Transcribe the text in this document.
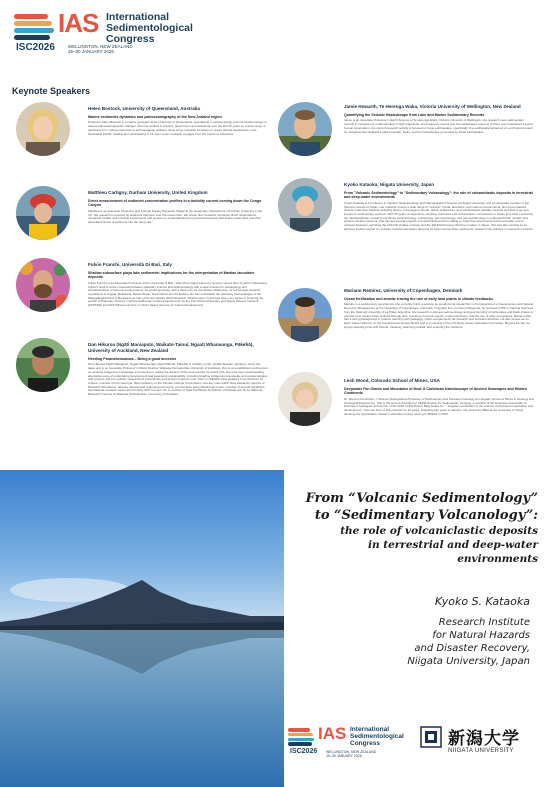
IAS International Sedimentological Congress
ISC2026	WELLINGTON, NEW ZEALAND
25–30 JANUARY 2026
Keynote Speakers
Helen Bostock, University of Queensland, Australia
Marine sediments dynamics and paleoceanography of the New Zealand region
Professor Helen Bostock is a marine geologist at the University of Queensland, specialising in sedimentology and micropaleontology to assess paleoceanographic changes. She has worked in industry, government and academia over the last 25 years on a wide range of questions from marine resources to anthropogenic pollution. Most of her research focusses on ocean climate interactions in the Southwest Pacific, leading and participating in 14 open ocean research voyages from the tropics to Antarctica.
Matthieu Cartigny, Durham University, United Kingdom
Direct measurement of sediment concentration profiles in a turbidity current coming down the Congo Canyon
Matthieu is an Associate Professor and a Royal Society Research Fellow at the Geography Department of Durham University in the UK. His research is focused on sediment transport over the ocean floor. His ocean floor research combines direct observations, numerical models and physical experiments and centres on understanding the physical processes that shape ocean floor and their associated fluxes of sediment into the deep sea.
Fulvio Franchi, Università Di Bari, Italy
Shallow subsurface playa lake sediments: implications for the interpretation of Martian lacustrine deposits.
Fulvio Franchi is an Associate Professor at the Università di Bari - Aldo Moro (Italy) where he recently moved after 9 years in Botswana. Fulvio's work is at the crossroad between planetary science and sedimentology with a clear interest for astrobiology and characterization of extreme environments. As a field geologist, with a deep love for the African wilderness, he led several research expeditions in Angola, Botswana, Mozambique, South Africa and Zimbabwe. He has overlooked the planetary field analogue of the Makgadikgadi Pans in Botswana as part of the Europlanet 2024 Research Infrastructure. Fulvio has been very active in fostering the growth of Planetary Science in Africa leading EU funded projects such as the Pan-African Planetary and Space Science Network (PAPSSN) and FAST4Future (Focus on Africa Space Science for Future Development).
Dan Hikuroa (Ngāti Maniapoto, Waikato-Tainui, Ngaati Whanaunga, Pākehā), University of Auckland, New Zealand
Heeding Paraewhenuamea – Being a good ancestor
Dan Hikuroa (Ngāti Maniapoto, Ngaati Whanaunga, Ngāti Mahuta, Pākehā) is a father, surfer, paddle-boarder, gardener, loves the takes and is an Associate Professor in Māori Studies, Waipapa Taumata Rau University of Auckland. Dan is an established world expert on weaving indigenous knowledge and science to realise the dreams of the communities he works with. Dan has been spearheading alternative ways of undertaking development and assessing sustainability, including braiding indigenous knowledge and epistemologies with science and into policies, assessment frameworks and decision-support tools. Dan is UNESCO New Zealand Commissioner for Culture, member of Pou Herenga, Māori Advisory to the Climate Change Commission, two key roles within New Zealand's Centres of Research Excellence, advises national and regional government, communities and philanthropic trusts, member of several significant international research teams and formerly SDU Council. He is member of Ngāi Ara Whetū Te Rūnahi o Pūtauaki and Te Ao Mārama, Research Centres at Waipapa Taumata Rau, University of Auckland.
Jamie Howarth, Te Herenga Waka, Victoria University of Wellington, New Zealand
Quantifying the Seismic Hazardscape from Lake and Marine Sedimentary Records
Jamie is an Associate Professor in Earth Science at Te Herenga Waka, Victoria University of Wellington. His research uses sedimentary records to increase our understanding of high magnitude, low-frequency events and how landscapes respond to them over timeframes beyond human observation. His current research activity is focused on large earthquakes, specifically: the earthquake behaviour of, and hazard posed by, Aotearoa New Zealand's plate boundary faults, and the hazardscape generated by these earthquakes.
Kyoko Kataoka, Niigata University, Japan
From "Volcanic Sedimentology" to "Sedimentary Volcanology": the role of volcaniclastic deposits in terrestrial and deep-water environments
Kyoko Kataoka is a professor in Volcanic Sedimentology and Natural Hazard Science at Niigata University, and an associate member of the Science Council of Japan. Her research covers a wide range of "volcanic" fluvial, lacustrine, and marine environments, and encompasses diverse mass flow hazards including lahars, volcanogenic floods, debris avalanches, and volcaniclastic turbidity currents and their long-term impact on sedimentary systems. With 25 years of experience studying volcanoes and volcaniclastic successions in Japan and other continents, her interdisciplinary research combines sedimentology, volcanology, geomorphology, and geo-archaeology to understand both modern and ancient volcanic systems. She has led several projects on hazard assessment relating to mass flow phenomena during and after recent volcanic disasters, including the 2014 Mt Ontake eruption and the 2018 Mt Kusatsu-Shirane eruption in Japan. She has also worked as an advisory board member for volcanic hazard evacuation planning for local communities, putting her research into practice in real-world contexts.
Mariano Remirez, University of Copenhagen, Denmark
Ocean fertilization and anoxia: tracing the role of early land plants in climate feedbacks
Mariano is a sedimentary geochemist who currently holds a position as postdoctoral researcher in the Department of Geosciences and Natural Resource Management at the University of Copenhagen, Denmark. Originally from northern Patagonia, he received a PhD in Natural Sciences from the National University of La Plata, Argentina. His research combines sedimentology and geochemistry of carbonates and black shales to uncover how oceans have evolved through time, focusing on anoxic events, mass extinctions, and the rise of early ecosystems. Mariano also has a strong background in science teaching and pedagogy, which complements his research and outreach activities. He also serves as an Early Career Director on the Geochemical Society Board and is a member of the IAS Early Career Scientists Committee. Beyond the lab, he enjoys spending time with friends, traveling, watching football, and exploring the outdoors.
Lesli Wood, Colorado School of Mines, USA
Deepwater Fan Giants and Mountains of Mud: A Caribbean Kaleidoscope of Ancient Seascapes and Hidden Continents
Dr. Wood is the Robert J. Weimer Distinguished Professor of Sedimentary and Petroleum Geology at Colorado School of Mines in Geology and Geological Engineering. She is the current President of SEPM Society for Sedimentary Geology, a member of the American Association of Petroleum Geologists and winner of the 2022 AAPG Robert Berg Award for "...singular contribution to the science of petroleum exploration and development". She has been a IAS member for 10 years. Following five years in industry, she joined the BEG at the University of Texas directing the Quantitative Clastics Laboratory before moving to MINES in 2015.
From “Volcanic Sedimentology”
to “Sedimentary Volcanology”:
the role of volcaniclastic deposits
in terrestrial and deep-water
environments
Kyoko S. Kataoka
Research Institute
for Natural Hazards
and Disaster Recovery,
Niigata University, Japan
IAS International Sedimentological Congress
ISC2026	WELLINGTON, NEW ZEALAND
25–30 JANUARY 2026
新潟大学
NIIGATA UNIVERSITY
